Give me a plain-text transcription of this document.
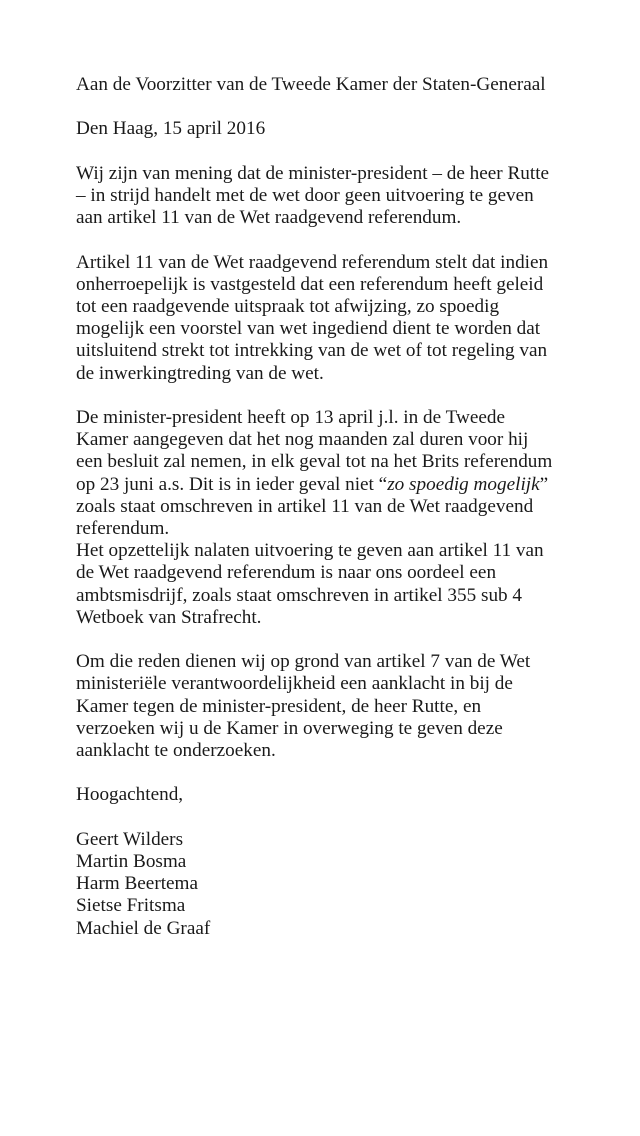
Aan de Voorzitter van de Tweede Kamer der Staten-Generaal

Den Haag, 15 april 2016

Wij zijn van mening dat de minister-president – de heer Rutte
– in strijd handelt met de wet door geen uitvoering te geven
aan artikel 11 van de Wet raadgevend referendum.

Artikel 11 van de Wet raadgevend referendum stelt dat indien
onherroepelijk is vastgesteld dat een referendum heeft geleid
tot een raadgevende uitspraak tot afwijzing, zo spoedig
mogelijk een voorstel van wet ingediend dient te worden dat
uitsluitend strekt tot intrekking van de wet of tot regeling van
de inwerkingtreding van de wet.

De minister-president heeft op 13 april j.l. in de Tweede
Kamer aangegeven dat het nog maanden zal duren voor hij
een besluit zal nemen, in elk geval tot na het Brits referendum
op 23 juni a.s. Dit is in ieder geval niet “zo spoedig mogelijk”
zoals staat omschreven in artikel 11 van de Wet raadgevend
referendum.
Het opzettelijk nalaten uitvoering te geven aan artikel 11 van
de Wet raadgevend referendum is naar ons oordeel een
ambtsmisdrijf, zoals staat omschreven in artikel 355 sub 4
Wetboek van Strafrecht.

Om die reden dienen wij op grond van artikel 7 van de Wet
ministeriële verantwoordelijkheid een aanklacht in bij de
Kamer tegen de minister-president, de heer Rutte, en
verzoeken wij u de Kamer in overweging te geven deze
aanklacht te onderzoeken.

Hoogachtend,

Geert Wilders
Martin Bosma
Harm Beertema
Sietse Fritsma
Machiel de Graaf
